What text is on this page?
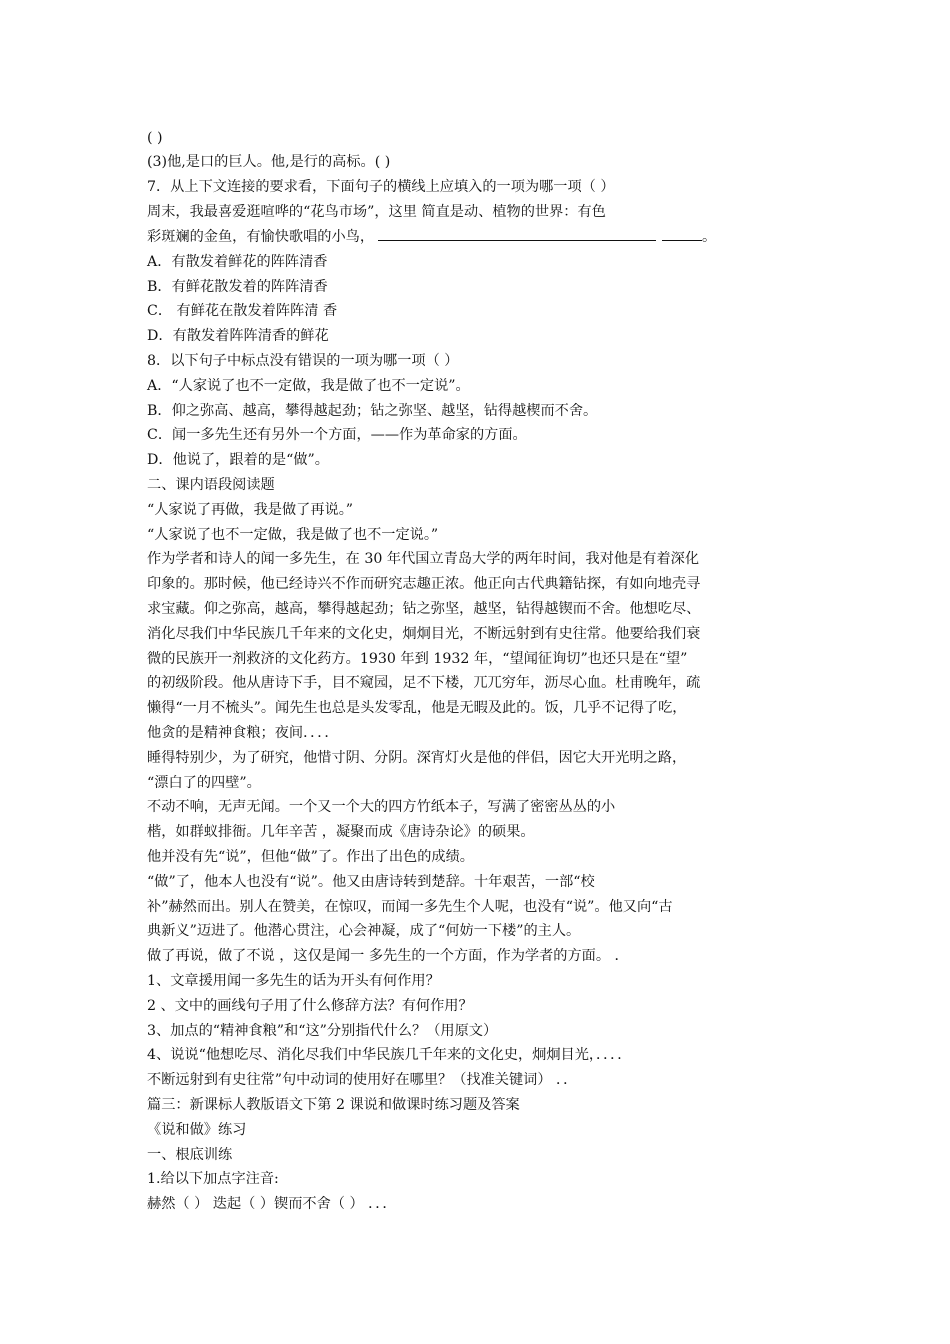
( )
(3)他,是口的巨人。他,是行的高标。( )
7．从上下文连接的要求看，下面句子的横线上应填入的一项为哪一项（ ）
周末，我最喜爱逛喧哗的“花鸟市场”，这里 简直是动、植物的世界：有色
彩斑斓的金鱼，有愉快歌唱的小鸟，	。
A．有散发着鲜花的阵阵清香
B．有鲜花散发着的阵阵清香
C． 有鲜花在散发着阵阵清 香
D．有散发着阵阵清香的鲜花
8．以下句子中标点没有错误的一项为哪一项（ ）
A．“人家说了也不一定做，我是做了也不一定说”。
B．仰之弥高、越高，攀得越起劲；钻之弥坚、越坚，钻得越楔而不舍。
C．闻一多先生还有另外一个方面，——作为革命家的方面。
D．他说了，跟着的是“做”。
二、课内语段阅读题
“人家说了再做，我是做了再说。”
“人家说了也不一定做，我是做了也不一定说。”
作为学者和诗人的闻一多先生，在 30 年代国立青岛大学的两年时间，我对他是有着深化
印象的。那时候，他已经诗兴不作而研究志趣正浓。他正向古代典籍钻探，有如向地壳寻
求宝藏。仰之弥高，越高，攀得越起劲；钻之弥坚，越坚，钻得越锲而不舍。他想吃尽、
消化尽我们中华民族几千年来的文化史，炯炯目光，不断远射到有史往常。他要给我们衰
微的民族开一剂救济的文化药方。1930 年到 1932 年，“望闻征询切”也还只是在“望”
的初级阶段。他从唐诗下手，目不窥园，足不下楼，兀兀穷年，沥尽心血。杜甫晚年，疏
懒得“一月不梳头”。闻先生也总是头发零乱，他是无暇及此的。饭，几乎不记得了吃，
他贪的是精神食粮；夜间．．．．
睡得特别少，为了研究，他惜寸阴、分阴。深宵灯火是他的伴侣，因它大开光明之路，
“漂白了的四壁”。
不动不响，无声无闻。一个又一个大的四方竹纸本子，写满了密密丛丛的小
楷，如群蚁排衙。几年辛苦 ，凝聚而成《唐诗杂论》的硕果。
他并没有先“说”，但他“做”了。作出了出色的成绩。
“做”了，他本人也没有“说”。他又由唐诗转到楚辞。十年艰苦，一部“校
补”赫然而出。别人在赞美，在惊叹，而闻一多先生个人呢，也没有“说”。他又向“古
典新义”迈进了。他潜心贯注，心会神凝，成了“何妨一下楼”的主人。
做了再说，做了不说 ，这仅是闻一 多先生的一个方面，作为学者的方面。 ．
1、文章援用闻一多先生的话为开头有何作用？
2 、文中的画线句子用了什么修辞方法？有何作用？
3、加点的“精神食粮”和“这”分别指代什么？（用原文）
4、说说“他想吃尽、消化尽我们中华民族几千年来的文化史，炯炯目光，．．．．
不断远射到有史往常”句中动词的使用好在哪里？（找准关键词） ．．
篇三：新课标人教版语文下第 2 课说和做课时练习题及答案
《说和做》练习
一、根底训练
1.给以下加点字注音:
赫然（ ） 迭起（ ）锲而不舍（ ） ．．．
